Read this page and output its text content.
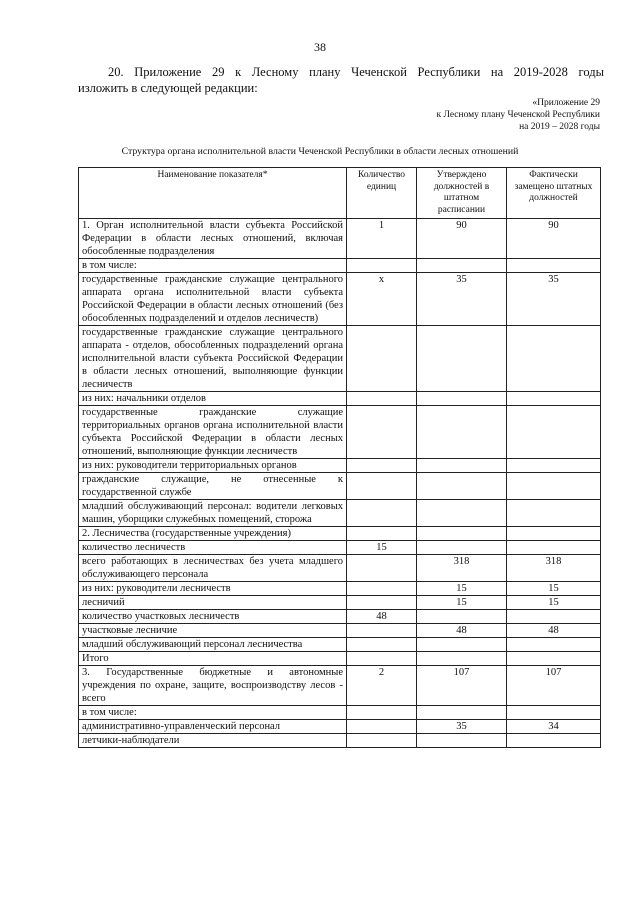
38
20. Приложение 29 к Лесному плану Чеченской Республики на 2019-2028 годы
изложить в следующей редакции:
«Приложение 29
к Лесному плану Чеченской Республики
на 2019 – 2028 годы
Структура органа исполнительной власти Чеченской Республики в области лесных отношений
Наименование показателя*	Количество единиц	Утверждено должностей в штатном расписании	Фактически замещено штатных должностей
1. Орган исполнительной власти субъекта Российской Федерации в области лесных отношений, включая обособленные подразделения	1	90	90
в том числе:			
государственные гражданские служащие центрального аппарата органа исполнительной власти субъекта Российской Федерации в области лесных отношений (без обособленных подразделений и отделов лесничеств)	x	35	35
государственные гражданские служащие центрального аппарата - отделов, обособленных подразделений органа исполнительной власти субъекта Российской Федерации в области лесных отношений, выполняющие функции лесничеств			
из них: начальники отделов			
государственные гражданские служащие территориальных органов органа исполнительной власти субъекта Российской Федерации в области лесных отношений, выполняющие функции лесничеств			
из них: руководители территориальных органов			
гражданские служащие, не отнесенные к государственной службе			
младший обслуживающий персонал: водители легковых машин, уборщики служебных помещений, сторожа			
2. Лесничества (государственные учреждения)			
количество лесничеств	15		
всего работающих в лесничествах без учета младшего обслуживающего персонала		318	318
из них: руководители лесничеств		15	15
лесничий		15	15
количество участковых лесничеств	48		
участковые лесничие		48	48
младший обслуживающий персонал лесничества			
Итого			
3. Государственные бюджетные и автономные учреждения по охране, защите, воспроизводству лесов - всего	2	107	107
в том числе:			
административно-управленческий персонал		35	34
летчики-наблюдатели			
